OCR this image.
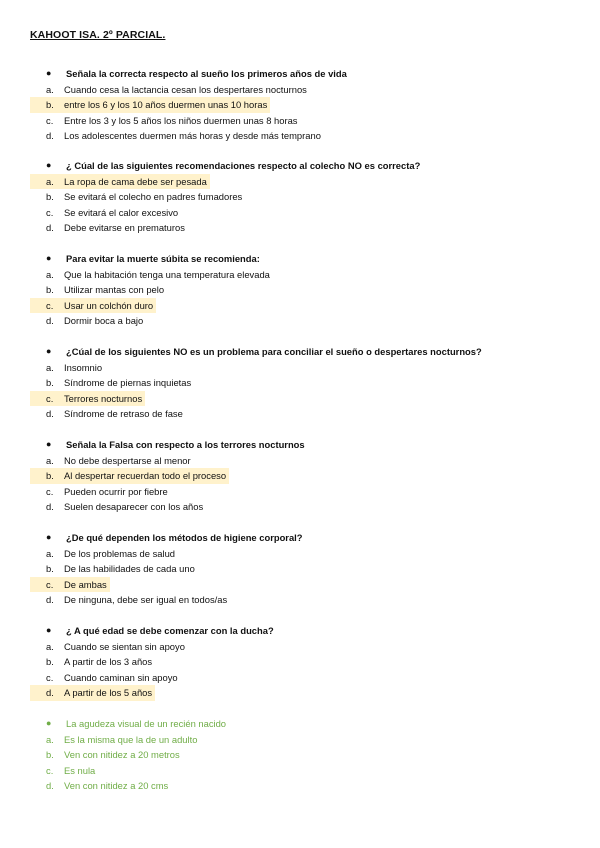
KAHOOT ISA. 2º PARCIAL.
● Señala la correcta respecto al sueño los primeros años de vida
a. Cuando cesa la lactancia cesan los despertares nocturnos
b. entre los 6 y los 10 años duermen unas 10 horas
c. Entre los 3 y los 5 años los niños duermen unas 8 horas
d. Los adolescentes duermen más horas y desde más temprano
● ¿ Cúal de las siguientes recomendaciones respecto al colecho NO es correcta?
a. La ropa de cama debe ser pesada
b. Se evitará el colecho en padres fumadores
c. Se evitará el calor excesivo
d. Debe evitarse en prematuros
● Para evitar la muerte súbita se recomienda:
a. Que la habitación tenga una temperatura elevada
b. Utilizar mantas con pelo
c. Usar un colchón duro
d. Dormir boca a bajo
● ¿Cúal de los siguientes NO es un problema para conciliar el sueño o despertares nocturnos?
a. Insomnio
b. Síndrome de piernas inquietas
c. Terrores nocturnos
d. Síndrome de retraso de fase
● Señala la Falsa con respecto a los terrores nocturnos
a. No debe despertarse al menor
b. Al despertar recuerdan todo el proceso
c. Pueden ocurrir por fiebre
d. Suelen desaparecer con los años
● ¿De qué dependen los métodos de higiene corporal?
a. De los problemas de salud
b. De las habilidades de cada uno
c. De ambas
d. De ninguna, debe ser igual en todos/as
● ¿ A qué edad se debe comenzar con la ducha?
a. Cuando se sientan sin apoyo
b. A partir de los 3 años
c. Cuando caminan sin apoyo
d. A partir de los 5 años
● La agudeza visual de un recién nacido
a. Es la misma que la de un adulto
b. Ven con nitidez a 20 metros
c. Es nula
d. Ven con nitidez a 20 cms
